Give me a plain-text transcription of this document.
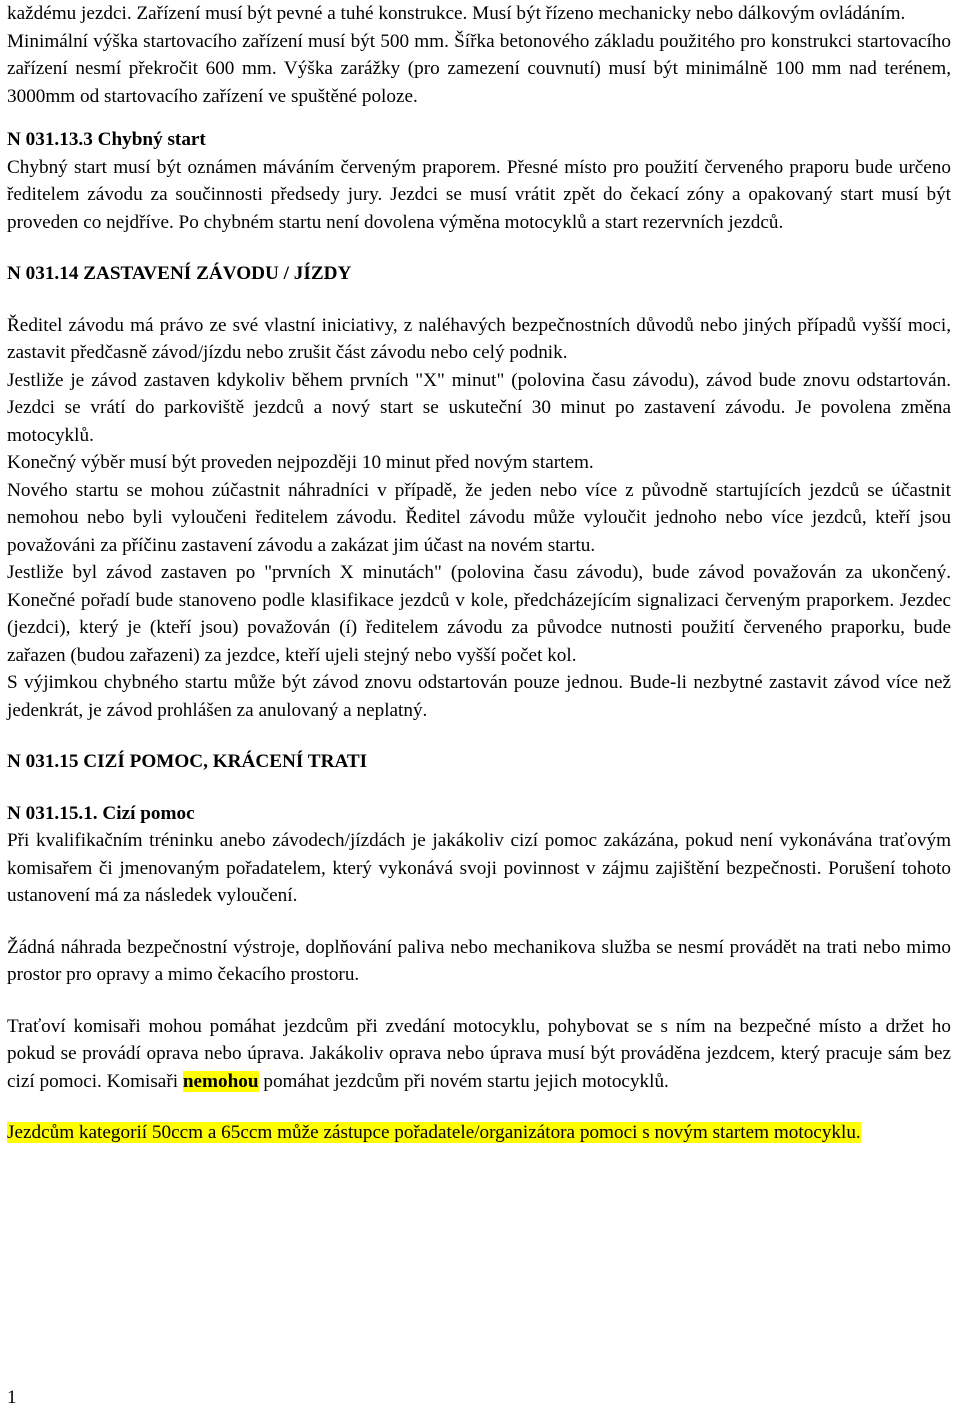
každému jezdci. Zařízení musí být pevné a tuhé konstrukce. Musí být řízeno mechanicky nebo dálkovým ovládáním.

Minimální výška startovacího zařízení musí být 500 mm. Šířka betonového základu použitého pro konstrukci startovacího zařízení nesmí překročit 600 mm. Výška zarážky (pro zamezení couvnutí) musí být minimálně 100 mm nad terénem, 3000mm od startovacího zařízení ve spuštěné poloze.

N 031.13.3 Chybný start

Chybný start musí být oznámen máváním červeným praporem. Přesné místo pro použití červeného praporu bude určeno ředitelem závodu za součinnosti předsedy jury. Jezdci se musí vrátit zpět do čekací zóny a opakovaný start musí být proveden co nejdříve. Po chybném startu není dovolena výměna motocyklů a start rezervních jezdců.

N 031.14 ZASTAVENÍ ZÁVODU / JÍZDY

Ředitel závodu má právo ze své vlastní iniciativy, z naléhavých bezpečnostních důvodů nebo jiných případů vyšší moci, zastavit předčasně závod/jízdu nebo zrušit část závodu nebo celý podnik.

Jestliže je závod zastaven kdykoliv během prvních "X" minut" (polovina času závodu), závod bude znovu odstartován. Jezdci se vrátí do parkoviště jezdců a nový start se uskuteční 30 minut po zastavení závodu. Je povolena změna motocyklů.

Konečný výběr musí být proveden nejpozději 10 minut před novým startem.

Nového startu se mohou zúčastnit náhradníci v případě, že jeden nebo více z původně startujících jezdců se účastnit nemohou nebo byli vyloučeni ředitelem závodu. Ředitel závodu může vyloučit jednoho nebo více jezdců, kteří jsou považováni za příčinu zastavení závodu a zakázat jim účast na novém startu.

Jestliže byl závod zastaven po "prvních X minutách" (polovina času závodu), bude závod považován za ukončený. Konečné pořadí bude stanoveno podle klasifikace jezdců v kole, předcházejícím signalizaci červeným praporkem. Jezdec (jezdci), který je (kteří jsou) považován (í) ředitelem závodu za původce nutnosti použití červeného praporku, bude zařazen (budou zařazeni) za jezdce, kteří ujeli stejný nebo vyšší počet kol.

S výjimkou chybného startu může být závod znovu odstartován pouze jednou. Bude-li nezbytné zastavit závod více než jedenkrát, je závod prohlášen za anulovaný a neplatný.

N 031.15 CIZÍ POMOC, KRÁCENÍ TRATI

N 031.15.1. Cizí pomoc

Při kvalifikačním tréninku anebo závodech/jízdách je jakákoliv cizí pomoc zakázána, pokud není vykonávána traťovým komisařem či jmenovaným pořadatelem, který vykonává svoji povinnost v zájmu zajištění bezpečnosti. Porušení tohoto ustanovení má za následek vyloučení.

Žádná náhrada bezpečnostní výstroje, doplňování paliva nebo mechanikova služba se nesmí provádět na trati nebo mimo prostor pro opravy a mimo čekacího prostoru.

Traťoví komisaři mohou pomáhat jezdcům při zvedání motocyklu, pohybovat se s ním na bezpečné místo a držet ho pokud se provádí oprava nebo úprava. Jakákoliv oprava nebo úprava musí být prováděna jezdcem, který pracuje sám bez cizí pomoci. Komisaři nemohou pomáhat jezdcům při novém startu jejich motocyklů.

Jezdcům kategorií 50ccm a 65ccm může zástupce pořadatele/organizátora pomoci s novým startem motocyklu.

1
